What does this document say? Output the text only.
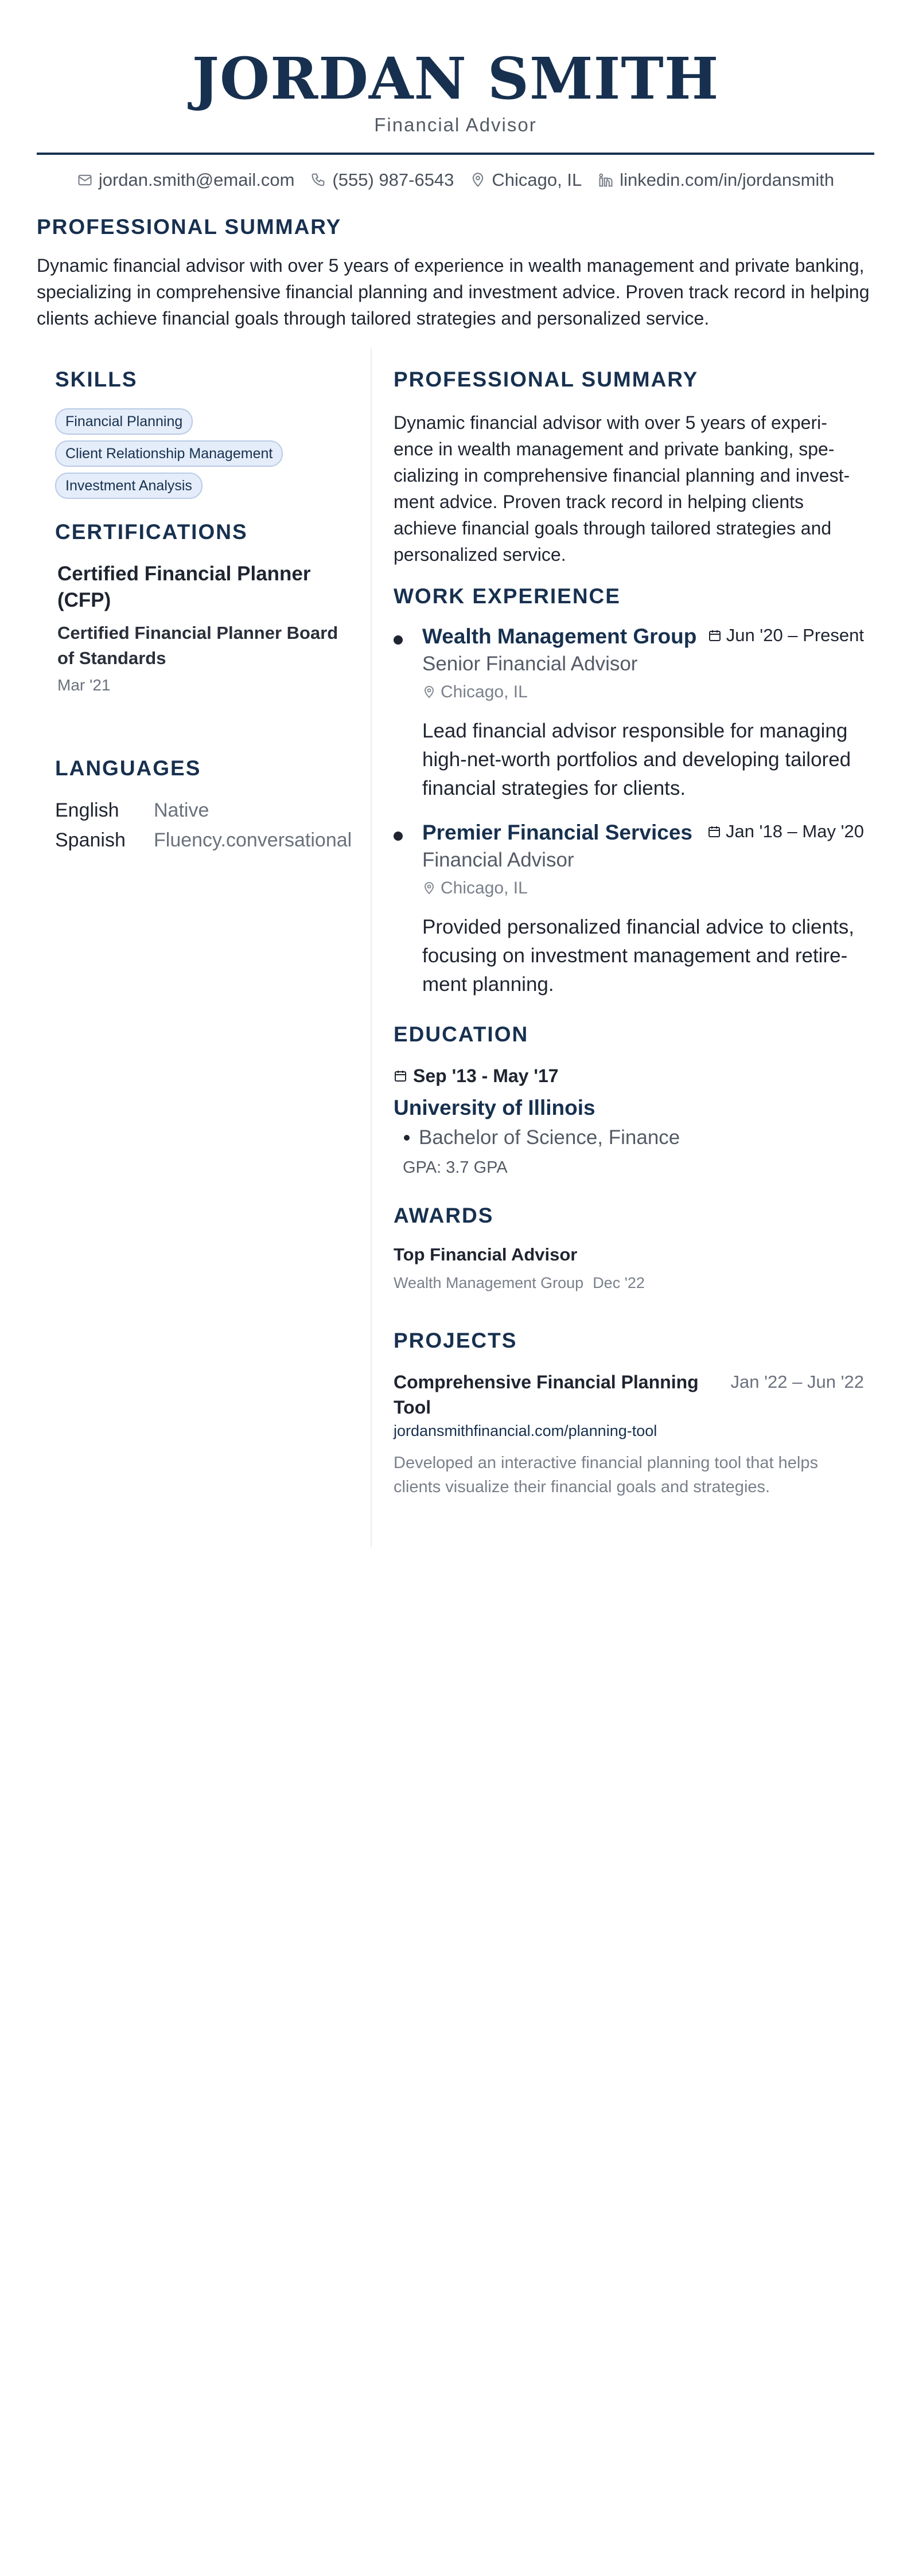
JORDAN SMITH
Financial Advisor
jordan.smith@email.com (555) 987-6543 Chicago, IL linkedin.com/in/jordansmith
PROFESSIONAL SUMMARY
Dynamic financial advisor with over 5 years of experience in wealth management and private banking, specializing in comprehensive financial planning and investment advice. Proven track record in helping clients achieve financial goals through tailored strategies and personalized service.
SKILLS
Financial Planning
Client Relationship Management
Investment Analysis
CERTIFICATIONS
Certified Financial Planner (CFP)
Certified Financial Planner Board of Standards
Mar '21
LANGUAGES
English Native
Spanish Fluency.conversational
PROFESSIONAL SUMMARY
Dynamic financial advisor with over 5 years of experience in wealth management and private banking, specializing in comprehensive financial planning and investment advice. Proven track record in helping clients achieve financial goals through tailored strategies and personalized service.
WORK EXPERIENCE
Wealth Management Group Jun '20 – Present
Senior Financial Advisor
Chicago, IL
Lead financial advisor responsible for managing high-net-worth portfolios and developing tailored financial strategies for clients.
Premier Financial Services Jan '18 – May '20
Financial Advisor
Chicago, IL
Provided personalized financial advice to clients, focusing on investment management and retirement planning.
EDUCATION
Sep '13 - May '17
University of Illinois
Bachelor of Science, Finance
GPA: 3.7 GPA
AWARDS
Top Financial Advisor
Wealth Management Group Dec '22
PROJECTS
Comprehensive Financial Planning Tool
Jan '22 – Jun '22
jordansmithfinancial.com/planning-tool
Developed an interactive financial planning tool that helps clients visualize their financial goals and strategies.
